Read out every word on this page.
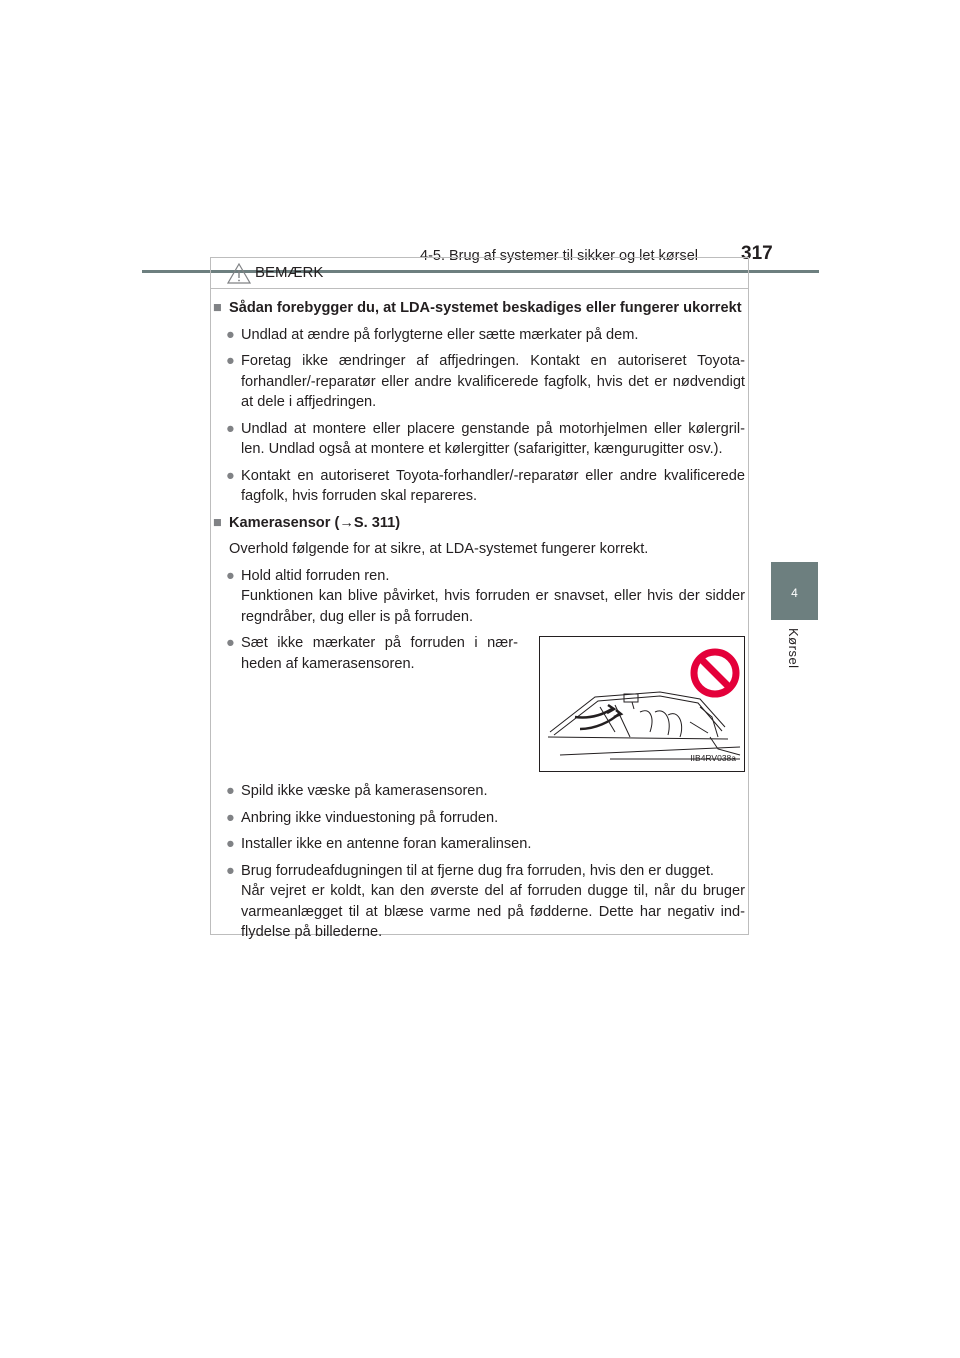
4-5. Brug af systemer til sikker og let kørsel 317
4
Kørsel
BEMÆRK
■ Sådan forebygger du, at LDA-systemet beskadiges eller fungerer ukorrekt
● Undlad at ændre på forlygterne eller sætte mærkater på dem.
● Foretag ikke ændringer af affjedringen. Kontakt en autoriseret Toyota-forhandler/-reparatør eller andre kvalificerede fagfolk, hvis det er nødvendigt at dele i affjedringen.
● Undlad at montere eller placere genstande på motorhjelmen eller kølergril-len. Undlad også at montere et kølergitter (safarigitter, kængurugitter osv.).
● Kontakt en autoriseret Toyota-forhandler/-reparatør eller andre kvalificerede fagfolk, hvis forruden skal repareres.
■ Kamerasensor (→S. 311)
Overhold følgende for at sikre, at LDA-systemet fungerer korrekt.
● Hold altid forruden ren.
Funktionen kan blive påvirket, hvis forruden er snavset, eller hvis der sidder regndråber, dug eller is på forruden.
● Sæt ikke mærkater på forruden i nær-heden af kamerasensoren.
IIB4RV038a
● Spild ikke væske på kamerasensoren.
● Anbring ikke vinduestoning på forruden.
● Installer ikke en antenne foran kameralinsen.
● Brug forrudeafdugningen til at fjerne dug fra forruden, hvis den er dugget.
Når vejret er koldt, kan den øverste del af forruden dugge til, når du bruger varmeanlægget til at blæse varme ned på fødderne. Dette har negativ ind-flydelse på billederne.
